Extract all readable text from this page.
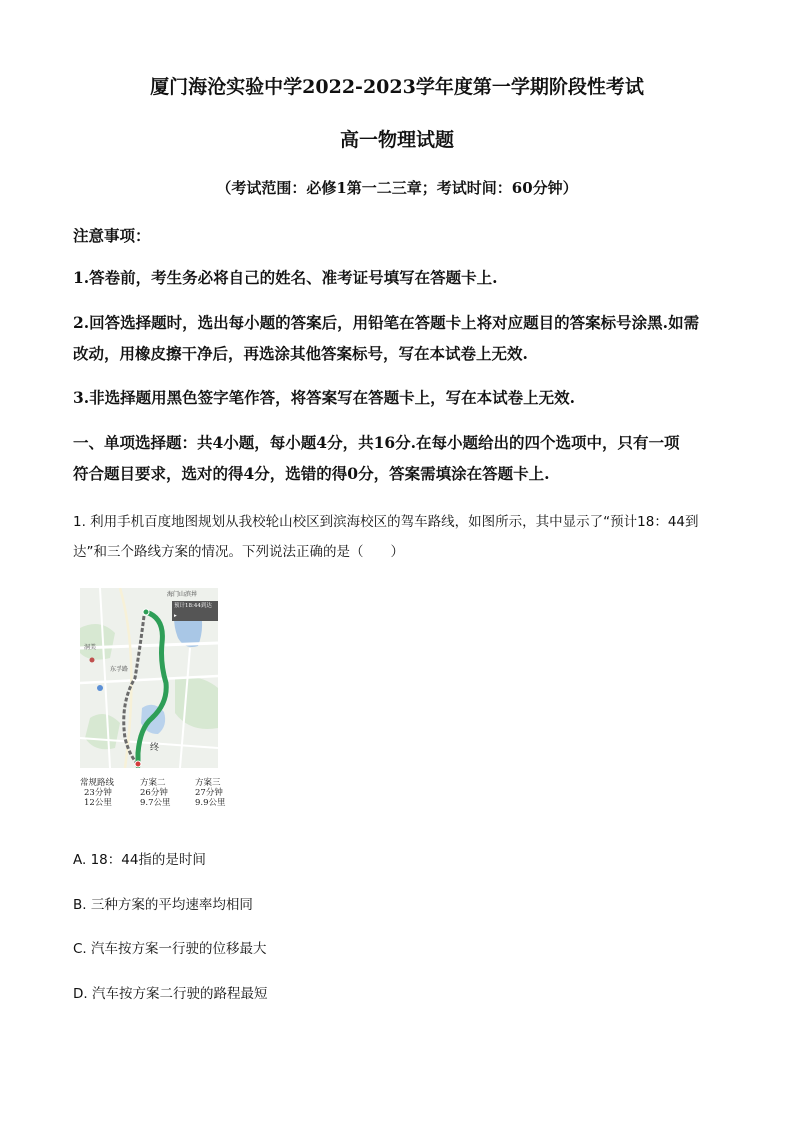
厦门海沧实验中学2022-2023学年度第一学期阶段性考试
高一物理试题
（考试范围：必修1第一二三章；考试时间：60分钟）
注意事项：
1.答卷前，考生务必将自己的姓名、准考证号填写在答题卡上.
2.回答选择题时，选出每小题的答案后，用铅笔在答题卡上将对应题目的答案标号涂黑.如需
改动，用橡皮擦干净后，再选涂其他答案标号，写在本试卷上无效.
3.非选择题用黑色签字笔作答，将答案写在答题卡上，写在本试卷上无效.
一、单项选择题：共4小题，每小题4分，共16分.在每小题给出的四个选项中，只有一项
符合题目要求，选对的得4分，选错的得0分，答案需填涂在答题卡上.
1. 利用手机百度地图规划从我校轮山校区到滨海校区的驾车路线，如图所示，其中显示了“预计18：44到
达”和三个路线方案的情况。下列说法正确的是（　　）
海门山滨丼
预计18:44到达 ▸
洞美
东孚路
终
常规路线
23分钟
12公里
方案二
26分钟
9.7公里
方案三
27分钟
9.9公里
A. 18：44指的是时间
B. 三种方案的平均速率均相同
C. 汽车按方案一行驶的位移最大
D. 汽车按方案二行驶的路程最短
